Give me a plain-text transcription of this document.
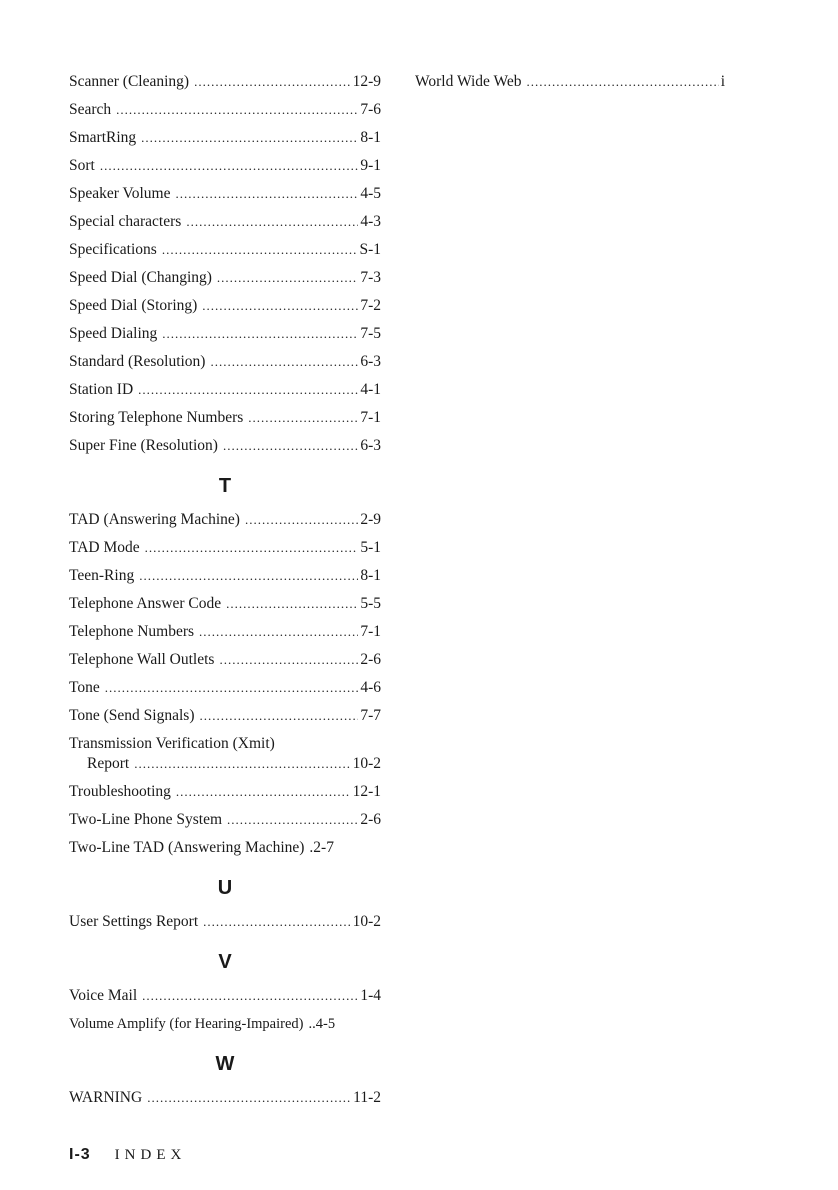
Scanner (Cleaning) .....	12-9
Search .....	7-6
SmartRing .....	8-1
Sort .....	9-1
Speaker Volume .....	4-5
Special characters .....	4-3
Specifications .....	S-1
Speed Dial (Changing) .....	7-3
Speed Dial (Storing) .....	7-2
Speed Dialing .....	7-5
Standard (Resolution) .....	6-3
Station ID .....	4-1
Storing Telephone Numbers .....	7-1
Super Fine (Resolution) .....	6-3
T
TAD (Answering Machine) .....	2-9
TAD Mode .....	5-1
Teen-Ring .....	8-1
Telephone Answer Code .....	5-5
Telephone Numbers .....	7-1
Telephone Wall Outlets .....	2-6
Tone .....	4-6
Tone (Send Signals) .....	7-7
Transmission Verification (Xmit)
Report .....	10-2
Troubleshooting .....	12-1
Two-Line Phone System .....	2-6
Two-Line TAD (Answering Machine) .2-7
U
User Settings Report .....	10-2
V
Voice Mail .....	1-4
Volume Amplify (for Hearing-Impaired) ..4-5
W
WARNING .....	11-2
World Wide Web .....	i
I-3 INDEX
